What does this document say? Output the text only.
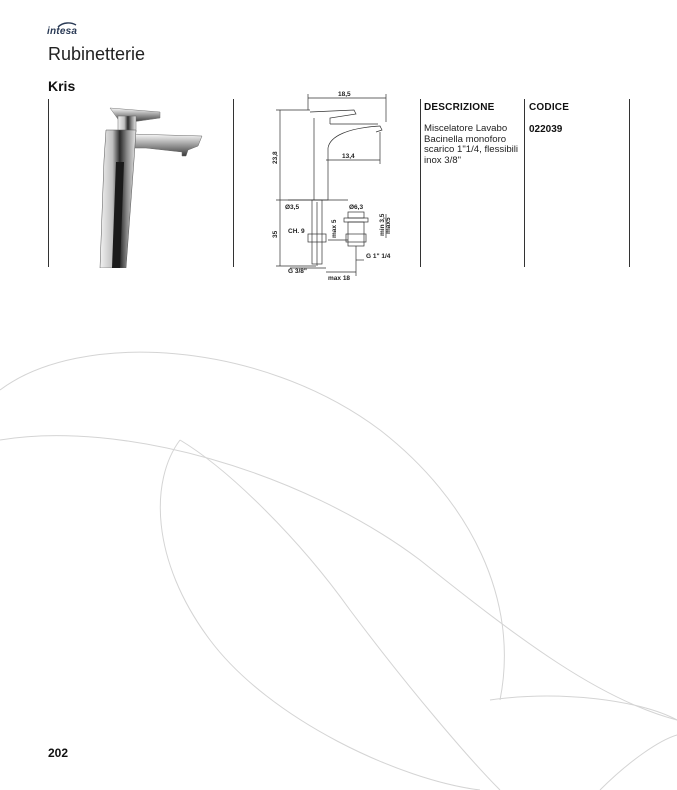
intesa
Rubinetterie
Kris
18,5
13,4
23,8
Ø3,5	Ø6,3
35 CH. 9	max 5	min 3,5 max5
G 1" 1/4
G 3/8"
max 18
DESCRIZIONE	CODICE
Miscelatore Lavabo Bacinella monoforo scarico 1"1/4, flessibili inox 3/8"
022039
202
